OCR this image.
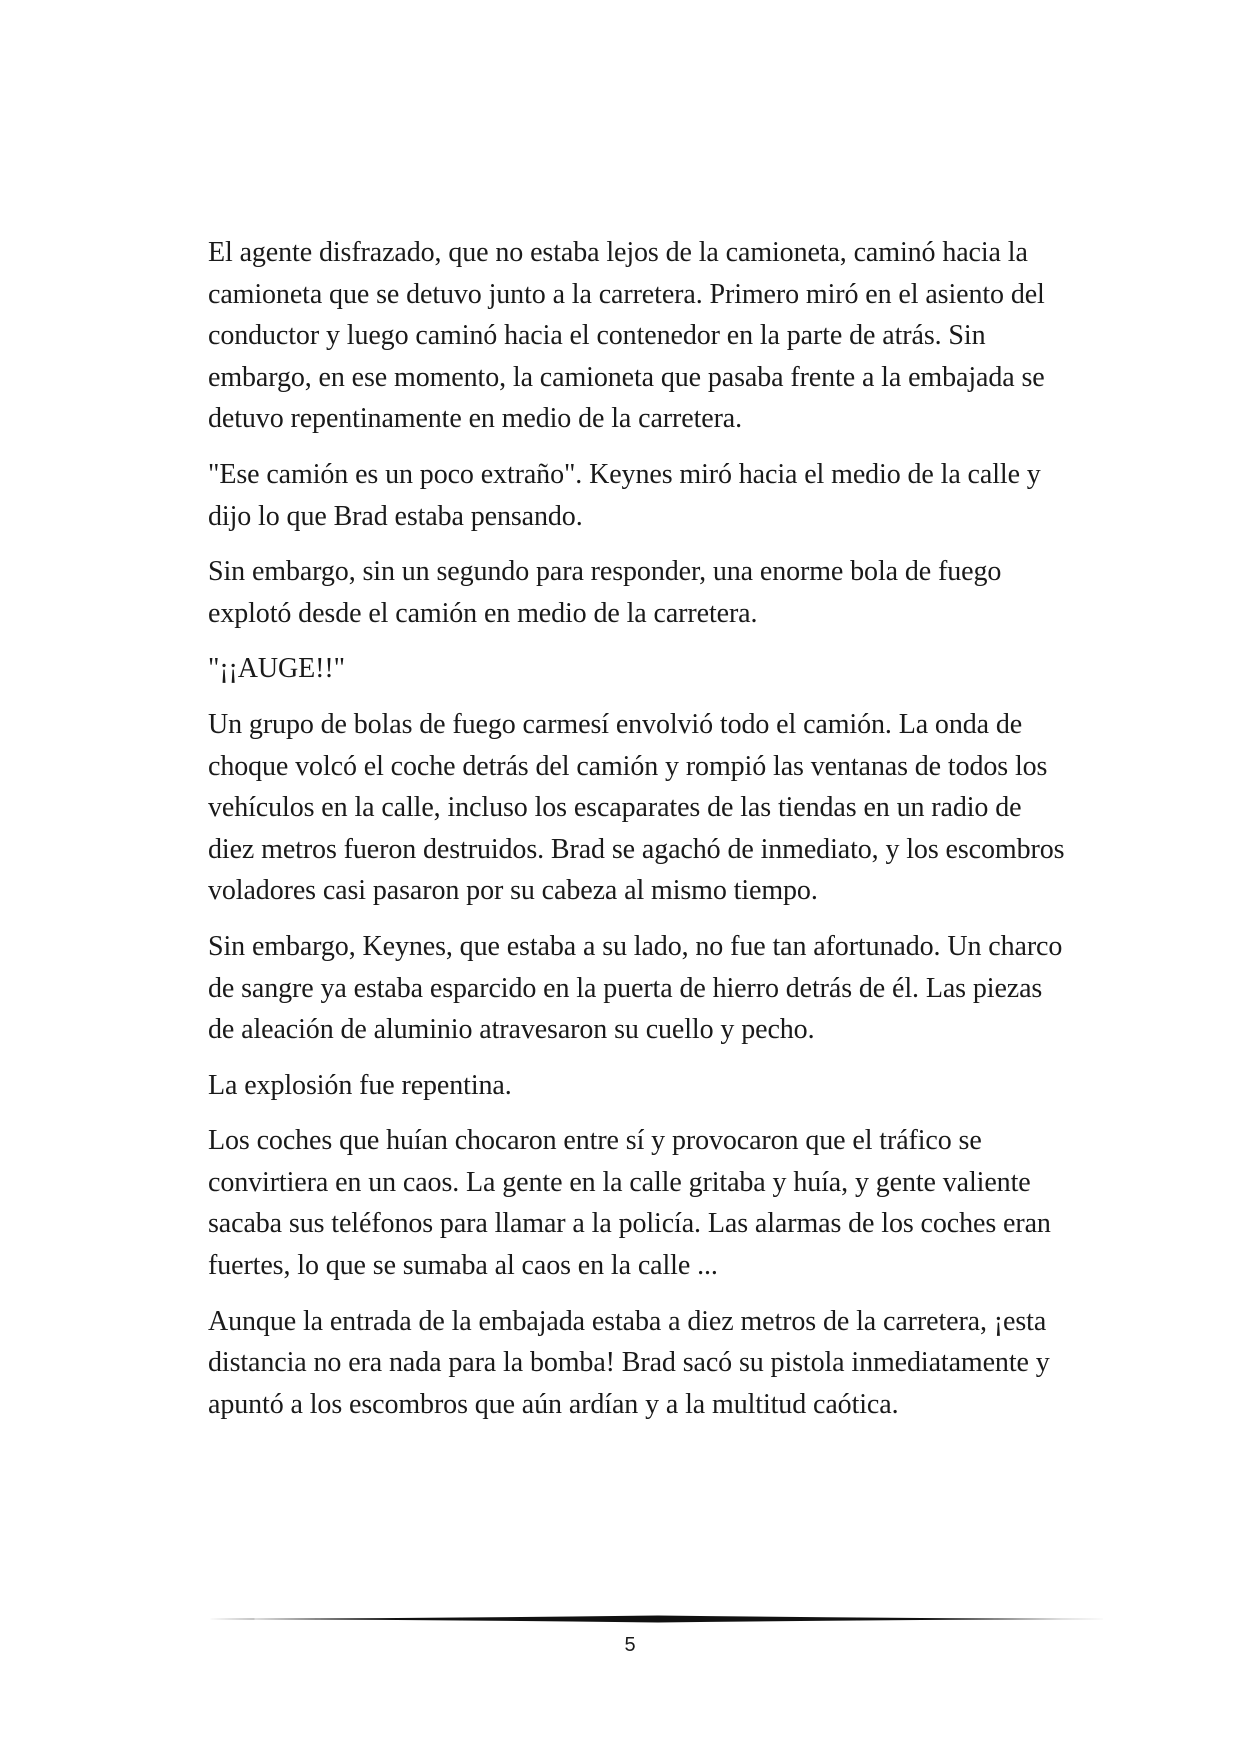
El agente disfrazado, que no estaba lejos de la camioneta, caminó hacia la camioneta que se detuvo junto a la carretera. Primero miró en el asiento del conductor y luego caminó hacia el contenedor en la parte de atrás. Sin embargo, en ese momento, la camioneta que pasaba frente a la embajada se detuvo repentinamente en medio de la carretera.

"Ese camión es un poco extraño". Keynes miró hacia el medio de la calle y dijo lo que Brad estaba pensando.

Sin embargo, sin un segundo para responder, una enorme bola de fuego explotó desde el camión en medio de la carretera.

"¡¡AUGE!!"

Un grupo de bolas de fuego carmesí envolvió todo el camión. La onda de choque volcó el coche detrás del camión y rompió las ventanas de todos los vehículos en la calle, incluso los escaparates de las tiendas en un radio de diez metros fueron destruidos. Brad se agachó de inmediato, y los escombros voladores casi pasaron por su cabeza al mismo tiempo.

Sin embargo, Keynes, que estaba a su lado, no fue tan afortunado. Un charco de sangre ya estaba esparcido en la puerta de hierro detrás de él. Las piezas de aleación de aluminio atravesaron su cuello y pecho.

La explosión fue repentina.

Los coches que huían chocaron entre sí y provocaron que el tráfico se convirtiera en un caos. La gente en la calle gritaba y huía, y gente valiente sacaba sus teléfonos para llamar a la policía. Las alarmas de los coches eran fuertes, lo que se sumaba al caos en la calle ...

Aunque la entrada de la embajada estaba a diez metros de la carretera, ¡esta distancia no era nada para la bomba! Brad sacó su pistola inmediatamente y apuntó a los escombros que aún ardían y a la multitud caótica.

5
